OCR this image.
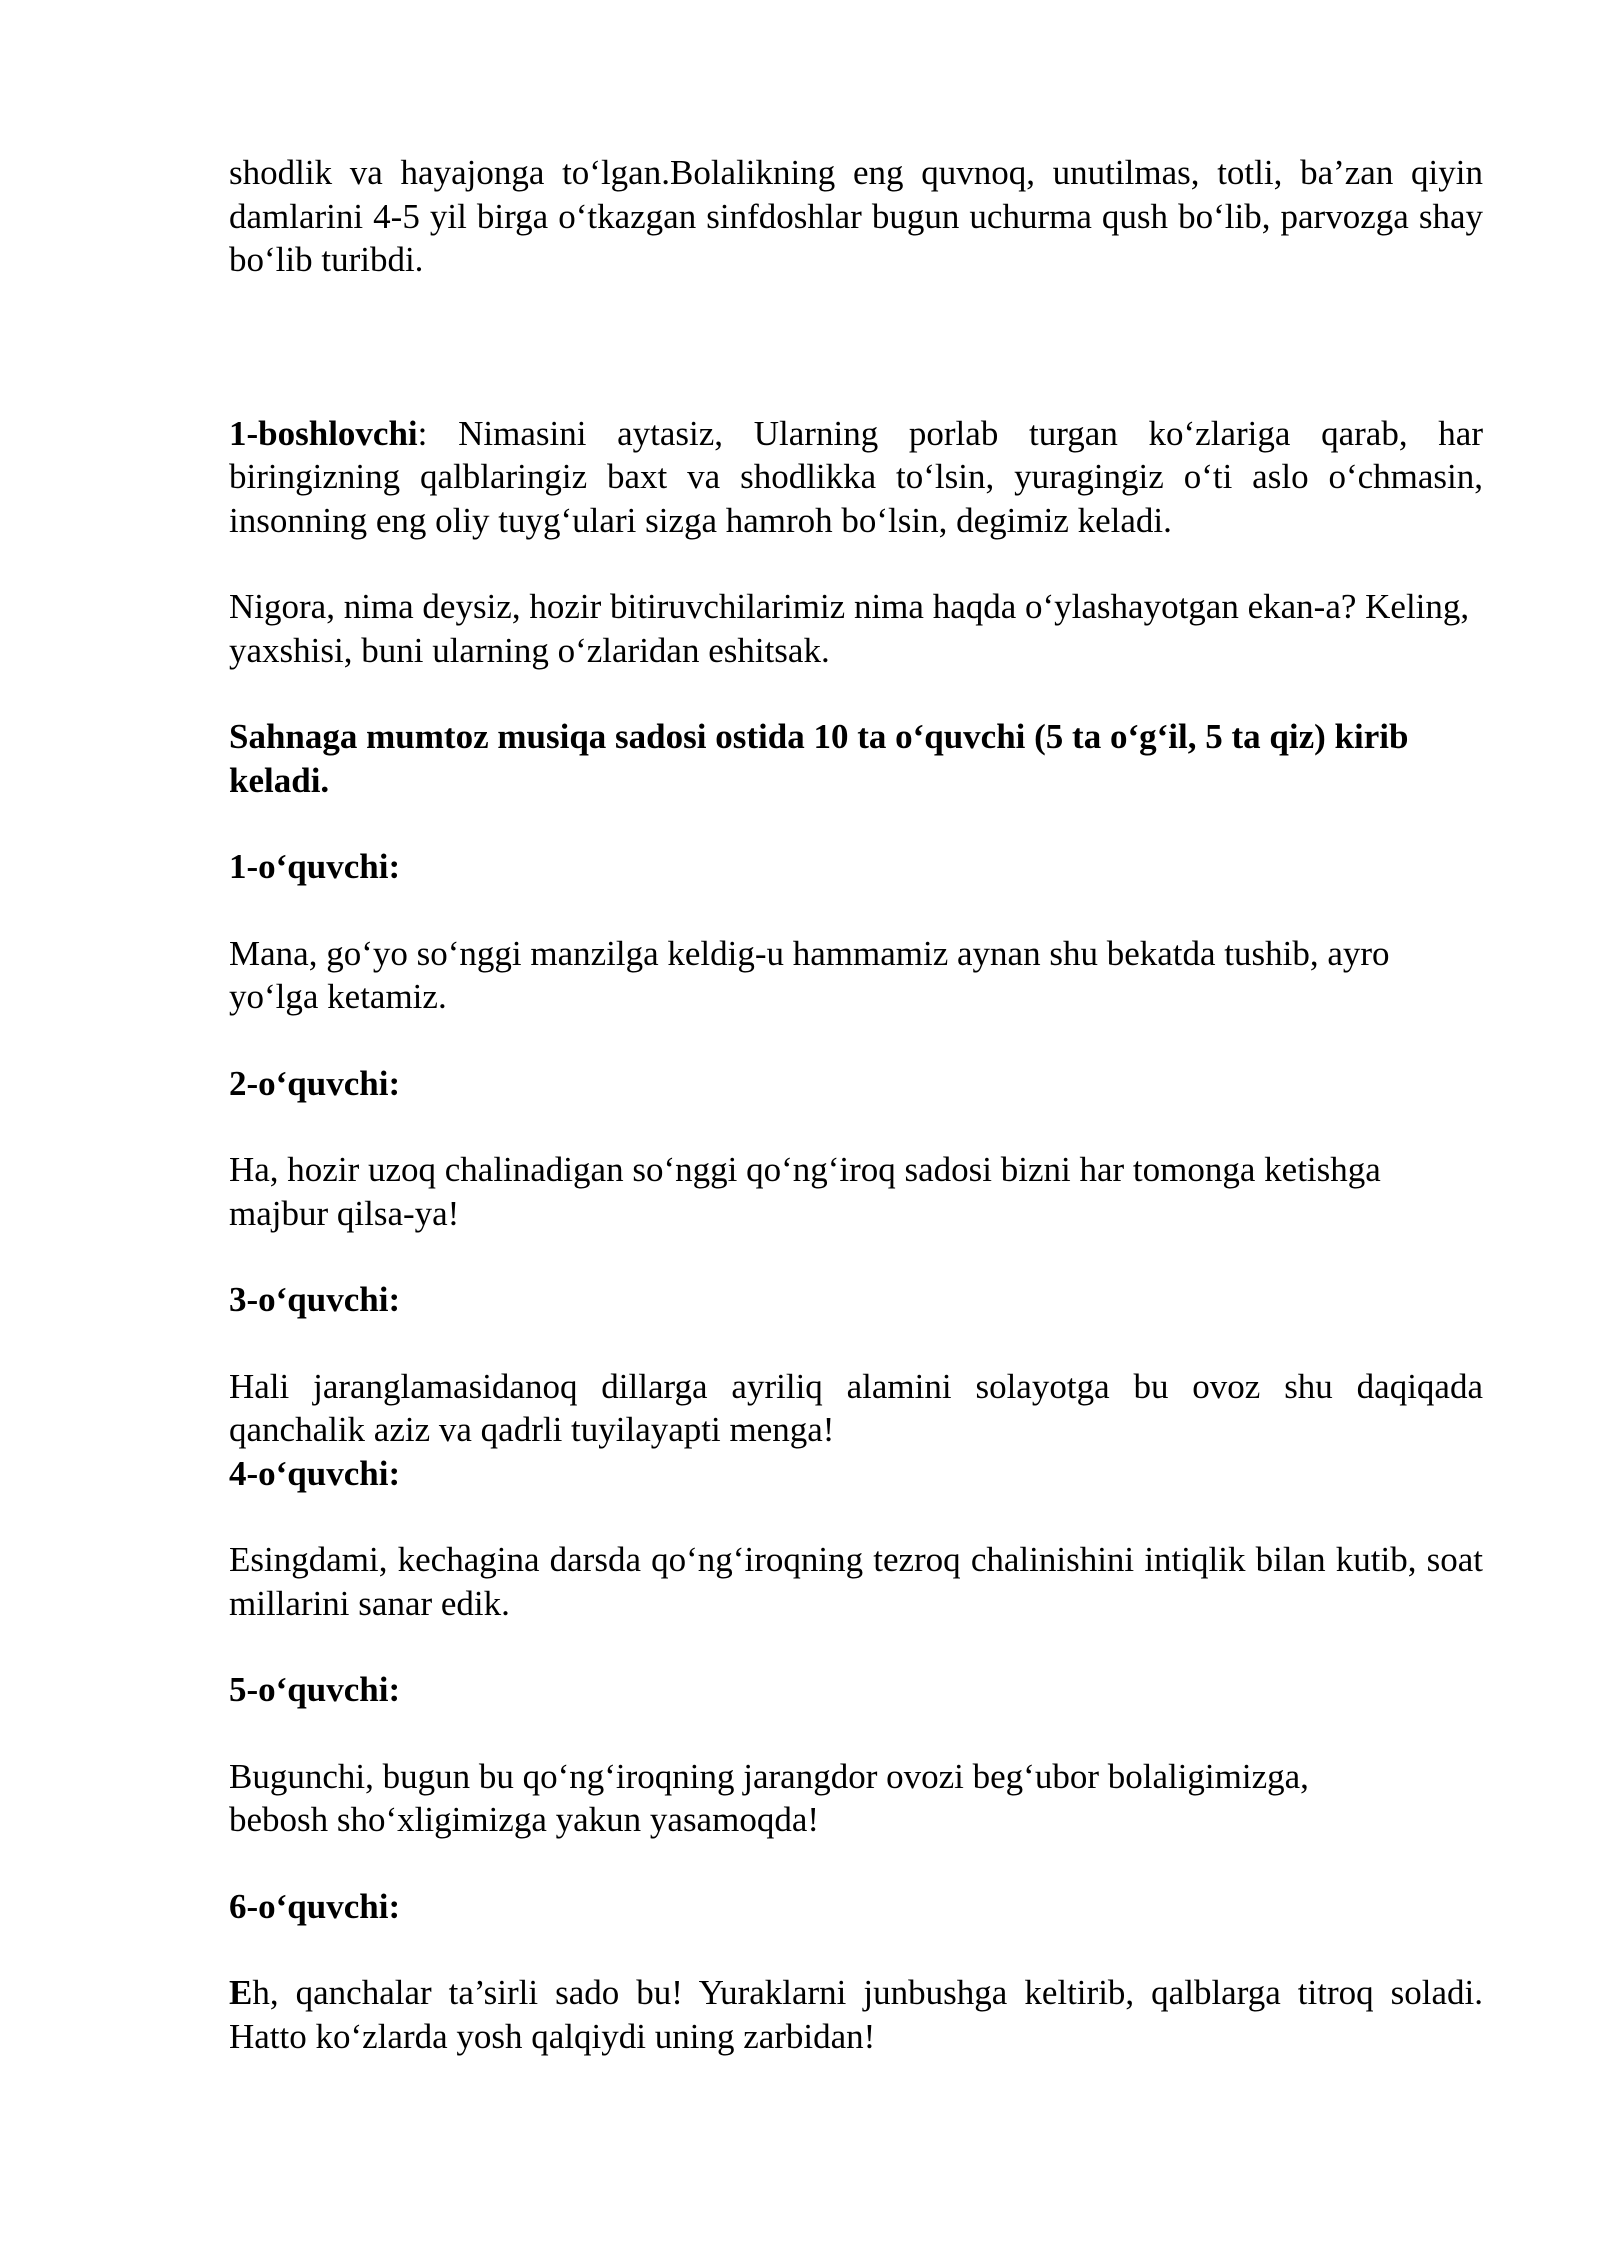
shodlik va hayajonga to‘lgan.Bolalikning eng quvnoq, unutilmas, totli, ba’zan qiyin damlarini 4-5 yil birga o‘tkazgan sinfdoshlar bugun uchurma qush bo‘lib, parvozga shay bo‘lib turibdi.

1-boshlovchi: Nimasini aytasiz, Ularning porlab turgan ko‘zlariga qarab, har biringizning qalblaringiz baxt va shodlikka to‘lsin, yuragingiz o‘ti aslo o‘chmasin, insonning eng oliy tuyg‘ulari sizga hamroh bo‘lsin, degimiz keladi.

Nigora, nima deysiz, hozir bitiruvchilarimiz nima haqda o‘ylashayotgan ekan-a? Keling, yaxshisi, buni ularning o‘zlaridan eshitsak.

Sahnaga mumtoz musiqa sadosi ostida 10 ta o‘quvchi (5 ta o‘g‘il, 5 ta qiz) kirib keladi.

1-o‘quvchi:

Mana, go‘yo so‘nggi manzilga keldig-u hammamiz aynan shu bekatda tushib, ayro yo‘lga ketamiz.

2-o‘quvchi:

Ha, hozir uzoq chalinadigan so‘nggi qo‘ng‘iroq sadosi bizni har tomonga ketishga majbur qilsa-ya!

3-o‘quvchi:

Hali jaranglamasidanoq dillarga ayriliq alamini solayotga bu ovoz shu daqiqada qanchalik aziz va qadrli tuyilayapti menga!

4-o‘quvchi:

Esingdami, kechagina darsda qo‘ng‘iroqning tezroq chalinishini intiqlik bilan kutib, soat millarini sanar edik.

5-o‘quvchi:

Bugunchi, bugun bu qo‘ng‘iroqning jarangdor ovozi beg‘ubor bolaligimizga,
bebosh sho‘xligimizga yakun yasamoqda!

6-o‘quvchi:

Eh, qanchalar ta’sirli sado bu! Yuraklarni junbushga keltirib, qalblarga titroq soladi. Hatto ko‘zlarda yosh qalqiydi uning zarbidan!
